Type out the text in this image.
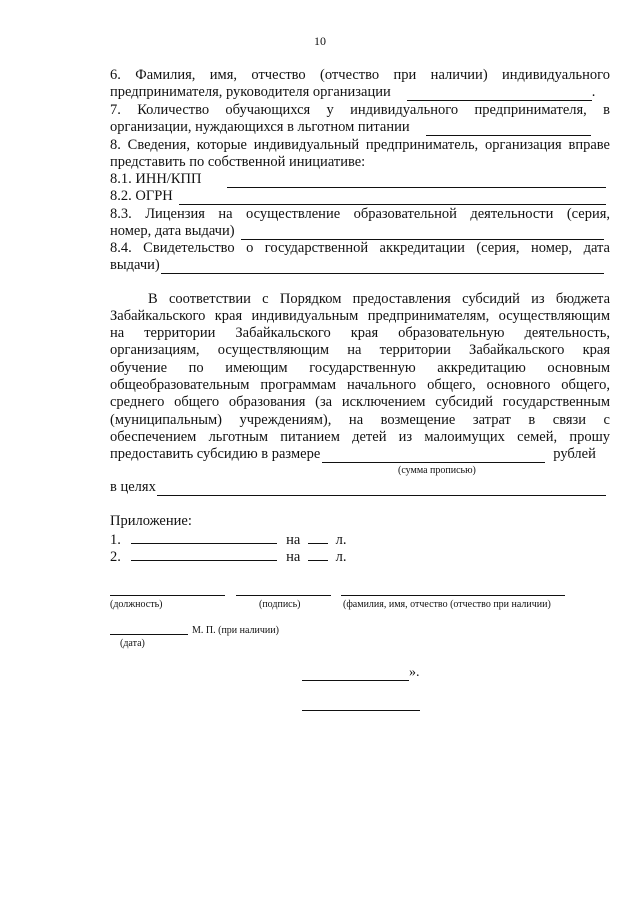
10
6. Фамилия, имя, отчество (отчество при наличии) индивидуального
предпринимателя, руководителя организации	.
7. Количество обучающихся у индивидуального предпринимателя, в
организации, нуждающихся в льготном питании
8. Сведения, которые индивидуальный предприниматель, организация вправе
представить по собственной инициативе:
8.1. ИНН/КПП
8.2. ОГРН
8.3. Лицензия на осуществление образовательной деятельности (серия,
номер, дата выдачи)
8.4. Свидетельство о государственной аккредитации (серия, номер, дата
выдачи)
В соответствии с Порядком предоставления субсидий из бюджета
Забайкальского края индивидуальным предпринимателям, осуществляющим
на территории Забайкальского края образовательную деятельность,
организациям, осуществляющим на территории Забайкальского края
обучение по имеющим государственную аккредитацию основным
общеобразовательным программам начального общего, основного общего,
среднего общего образования (за исключением субсидий государственным
(муниципальным) учреждениям), на возмещение затрат в связи с
обеспечением льготным питанием детей из малоимущих семей, прошу
предоставить субсидию в размере	рублей
(сумма прописью)
в целях
Приложение:
1.	на л.
2.	на л.
(должность)	(подпись)	(фамилия, имя, отчество (отчество при наличии)
М. П. (при наличии)
(дата)
».
